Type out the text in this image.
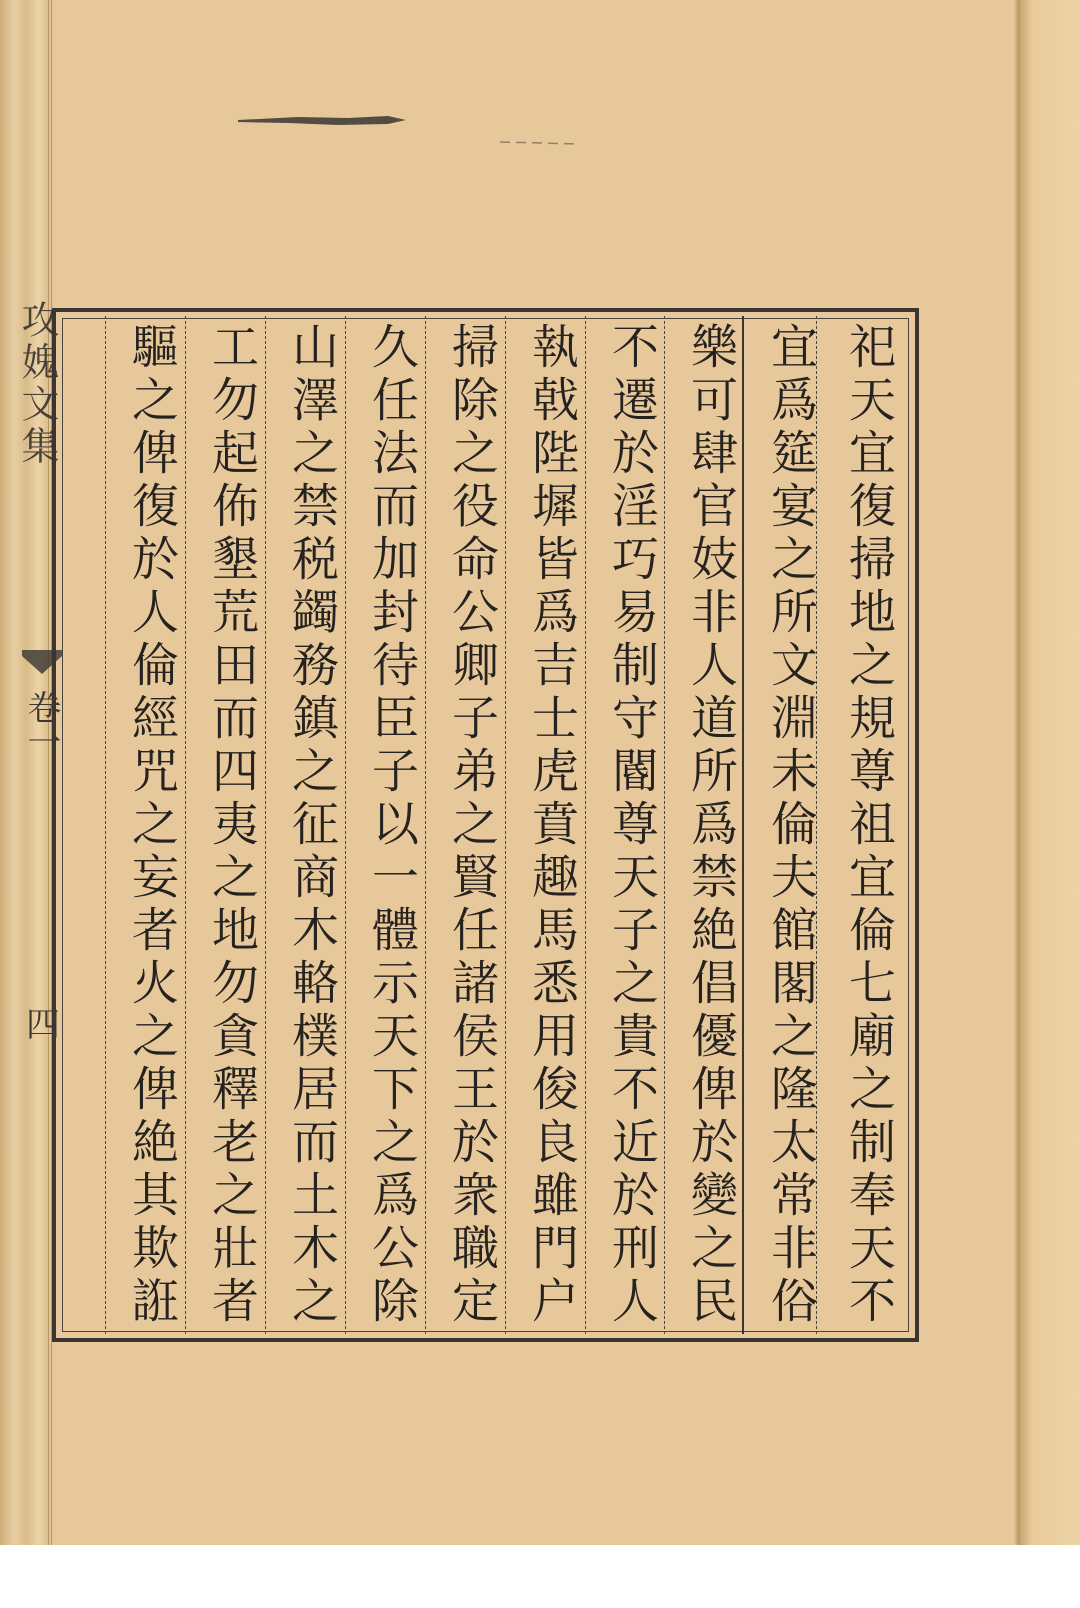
攻媿文集
卷一
四	祀天宜復掃地之規尊祖宜倫七廟之制奉天不
宜爲筵宴之所文淵未倫夫館閣之隆太常非俗
樂可肆官妓非人道所爲禁絶倡優俾於變之民
不遷於淫巧易制守閽尊天子之貴不近於刑人
執戟陛墀皆爲吉士虎賁趣馬悉用俊良雖門户
掃除之役命公卿子弟之賢任諸侯王於衆職定
久任法而加封待臣子以一體示天下之爲公除
山澤之禁税蠲務鎮之征商木輅樸居而土木之
工勿起佈墾荒田而四夷之地勿貪釋老之壯者
驅之俾復於人倫經咒之妄者火之俾絶其欺誑
